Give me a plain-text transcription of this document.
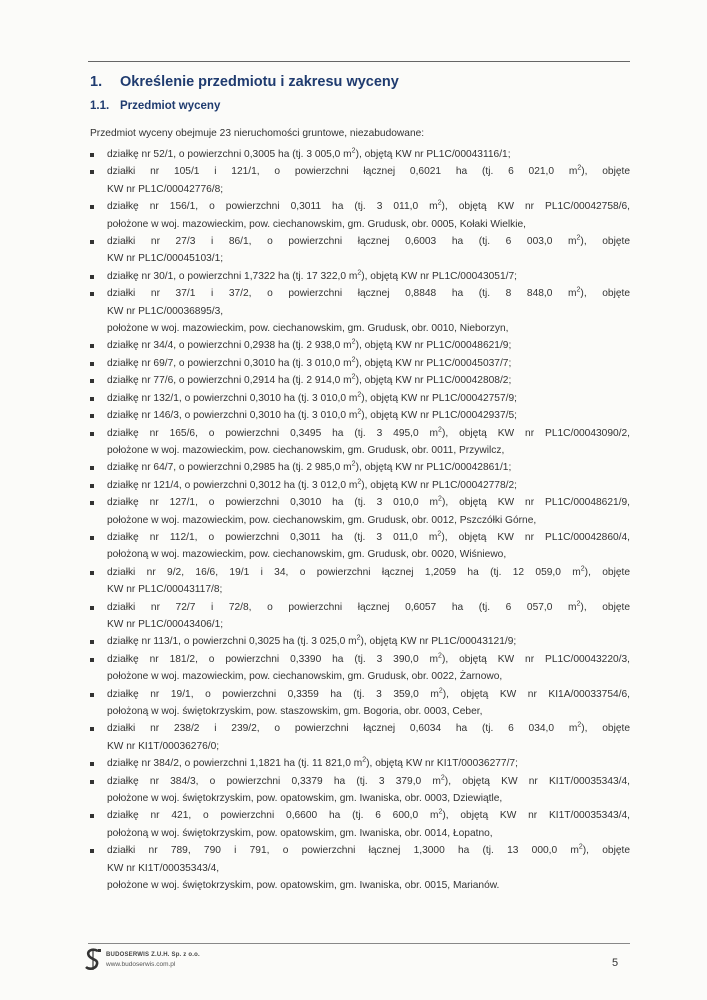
1. Określenie przedmiotu i zakresu wyceny
1.1. Przedmiot wyceny
Przedmiot wyceny obejmuje 23 nieruchomości gruntowe, niezabudowane:
działkę nr 52/1, o powierzchni 0,3005 ha (tj. 3 005,0 $m^2$), objętą KW nr PL1C/00043116/1;
działki nr 105/1 i 121/1, o powierzchni łącznej 0,6021 ha (tj. 6 021,0 $m^2$), objęte
KW nr PL1C/00042776/8;
działkę nr 156/1, o powierzchni 0,3011 ha (tj. 3 011,0 $m^2$), objętą KW nr PL1C/00042758/6,
położone w woj. mazowieckim, pow. ciechanowskim, gm. Grudusk, obr. 0005, Kołaki Wielkie,
działki nr 27/3 i 86/1, o powierzchni łącznej 0,6003 ha (tj. 6 003,0 $m^2$), objęte
KW nr PL1C/00045103/1;
działkę nr 30/1, o powierzchni 1,7322 ha (tj. 17 322,0 $m^2$), objętą KW nr PL1C/00043051/7;
działki nr 37/1 i 37/2, o powierzchni łącznej 0,8848 ha (tj. 8 848,0 $m^2$), objęte
KW nr PL1C/00036895/3,
położone w woj. mazowieckim, pow. ciechanowskim, gm. Grudusk, obr. 0010, Nieborzyn,
działkę nr 34/4, o powierzchni 0,2938 ha (tj. 2 938,0 $m^2$), objętą KW nr PL1C/00048621/9;
działkę nr 69/7, o powierzchni 0,3010 ha (tj. 3 010,0 $m^2$), objętą KW nr PL1C/00045037/7;
działkę nr 77/6, o powierzchni 0,2914 ha (tj. 2 914,0 $m^2$), objętą KW nr PL1C/00042808/2;
działkę nr 132/1, o powierzchni 0,3010 ha (tj. 3 010,0 $m^2$), objętą KW nr PL1C/00042757/9;
działkę nr 146/3, o powierzchni 0,3010 ha (tj. 3 010,0 $m^2$), objętą KW nr PL1C/00042937/5;
działkę nr 165/6, o powierzchni 0,3495 ha (tj. 3 495,0 $m^2$), objętą KW nr PL1C/00043090/2,
położone w woj. mazowieckim, pow. ciechanowskim, gm. Grudusk, obr. 0011, Przywilcz,
działkę nr 64/7, o powierzchni 0,2985 ha (tj. 2 985,0 $m^2$), objętą KW nr PL1C/00042861/1;
działkę nr 121/4, o powierzchni 0,3012 ha (tj. 3 012,0 $m^2$), objętą KW nr PL1C/00042778/2;
działkę nr 127/1, o powierzchni 0,3010 ha (tj. 3 010,0 $m^2$), objętą KW nr PL1C/00048621/9,
położone w woj. mazowieckim, pow. ciechanowskim, gm. Grudusk, obr. 0012, Pszczółki Górne,
działkę nr 112/1, o powierzchni 0,3011 ha (tj. 3 011,0 $m^2$), objętą KW nr PL1C/00042860/4,
położoną w woj. mazowieckim, pow. ciechanowskim, gm. Grudusk, obr. 0020, Wiśniewo,
działki nr 9/2, 16/6, 19/1 i 34, o powierzchni łącznej 1,2059 ha (tj. 12 059,0 $m^2$), objęte
KW nr PL1C/00043117/8;
działki nr 72/7 i 72/8, o powierzchni łącznej 0,6057 ha (tj. 6 057,0 $m^2$), objęte
KW nr PL1C/00043406/1;
działkę nr 113/1, o powierzchni 0,3025 ha (tj. 3 025,0 $m^2$), objętą KW nr PL1C/00043121/9;
działkę nr 181/2, o powierzchni 0,3390 ha (tj. 3 390,0 $m^2$), objętą KW nr PL1C/00043220/3,
położone w woj. mazowieckim, pow. ciechanowskim, gm. Grudusk, obr. 0022, Żarnowo,
działkę nr 19/1, o powierzchni 0,3359 ha (tj. 3 359,0 $m^2$), objętą KW nr KI1A/00033754/6,
położoną w woj. świętokrzyskim, pow. staszowskim, gm. Bogoria, obr. 0003, Ceber,
działki nr 238/2 i 239/2, o powierzchni łącznej 0,6034 ha (tj. 6 034,0 $m^2$), objęte
KW nr KI1T/00036276/0;
działkę nr 384/2, o powierzchni 1,1821 ha (tj. 11 821,0 $m^2$), objętą KW nr KI1T/00036277/7;
działkę nr 384/3, o powierzchni 0,3379 ha (tj. 3 379,0 $m^2$), objętą KW nr KI1T/00035343/4,
położone w woj. świętokrzyskim, pow. opatowskim, gm. Iwaniska, obr. 0003, Dziewiątle,
działkę nr 421, o powierzchni 0,6600 ha (tj. 6 600,0 $m^2$), objętą KW nr KI1T/00035343/4,
położoną w woj. świętokrzyskim, pow. opatowskim, gm. Iwaniska, obr. 0014, Łopatno,
działki nr 789, 790 i 791, o powierzchni łącznej 1,3000 ha (tj. 13 000,0 $m^2$), objęte
KW nr KI1T/00035343/4,
położone w woj. świętokrzyskim, pow. opatowskim, gm. Iwaniska, obr. 0015, Marianów.
BUDOSERWIS Z.U.H. Sp. z o.o.
www.budoserwis.com.pl	5
